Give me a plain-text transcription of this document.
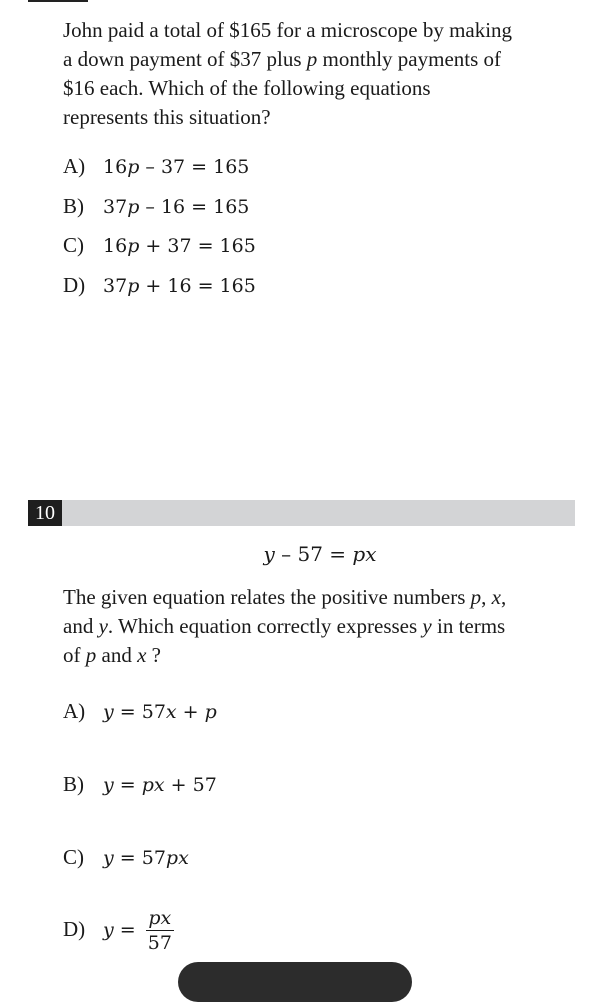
John paid a total of $165 for a microscope by making
a down payment of $37 plus p monthly payments of
$16 each. Which of the following equations
represents this situation?
A) 16p – 37 = 165
B) 37p – 16 = 165
C) 16p + 37 = 165
D) 37p + 16 = 165
10
y – 57 = px
The given equation relates the positive numbers p, x,
and y. Which equation correctly expresses y in terms
of p and x ?
A) y = 57x + p
B) y = px + 57
C) y = 57px
D) $y = \frac{px}{57}$
